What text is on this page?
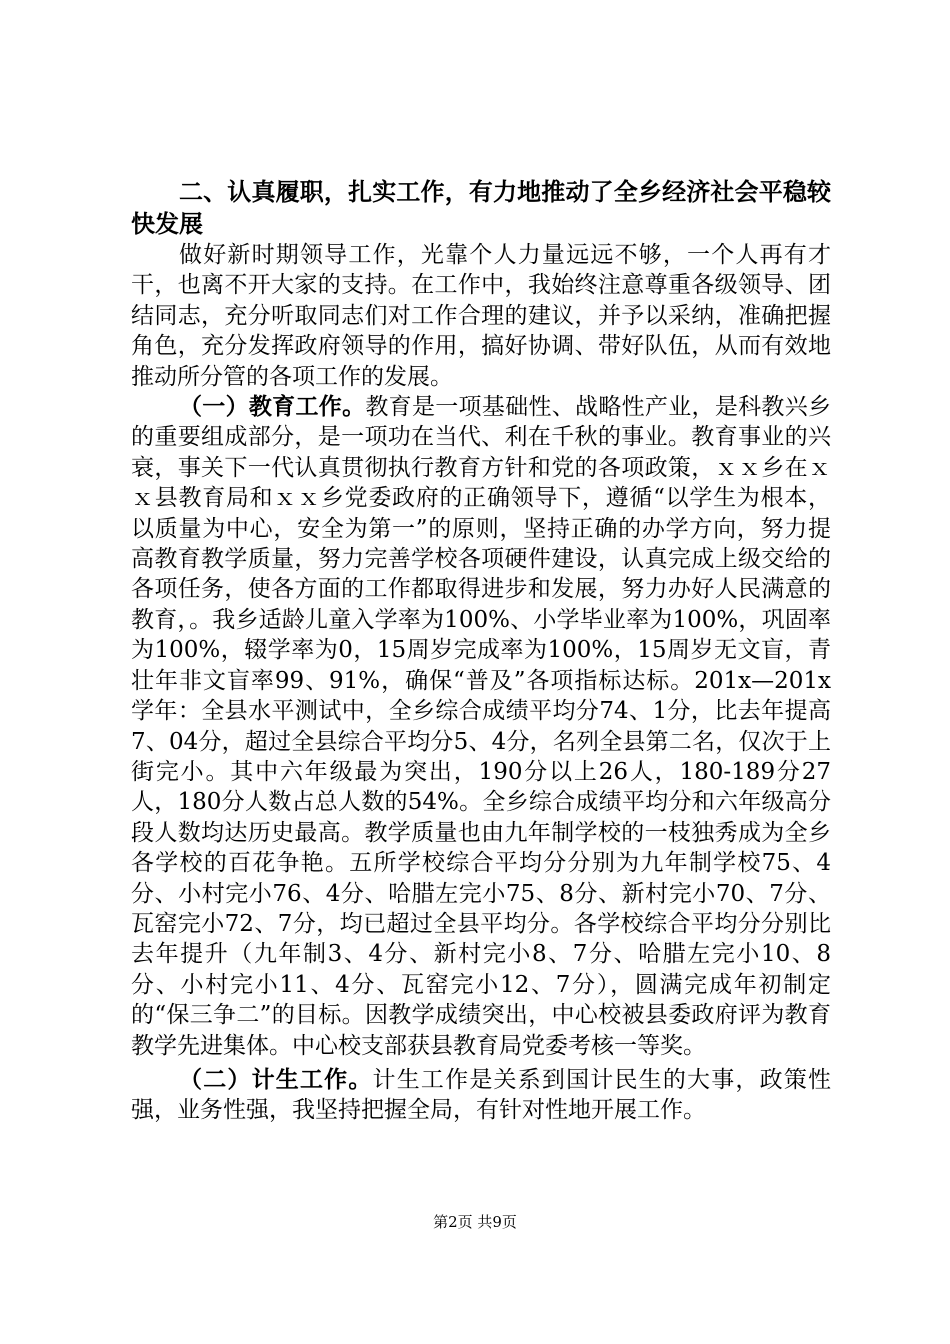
二、认真履职，扎实工作，有力地推动了全乡经济社会平稳较快发展

做好新时期领导工作，光靠个人力量远远不够，一个人再有才干，也离不开大家的支持。在工作中，我始终注意尊重各级领导、团结同志，充分听取同志们对工作合理的建议，并予以采纳，准确把握角色，充分发挥政府领导的作用，搞好协调、带好队伍，从而有效地推动所分管的各项工作的发展。

（一）教育工作。教育是一项基础性、战略性产业，是科教兴乡的重要组成部分，是一项功在当代、利在千秋的事业。教育事业的兴衰，事关下一代认真贯彻执行教育方针和党的各项政策，ｘｘ乡在ｘｘ县教育局和ｘｘ乡党委政府的正确领导下，遵循“以学生为根本，以质量为中心，安全为第一”的原则，坚持正确的办学方向，努力提高教育教学质量，努力完善学校各项硬件建设，认真完成上级交给的各项任务，使各方面的工作都取得进步和发展，努力办好人民满意的教育，。我乡适龄儿童入学率为100%、小学毕业率为100%，巩固率为100%，辍学率为0，15周岁完成率为100%，15周岁无文盲，青壮年非文盲率99、91%，确保“普及”各项指标达标。201x—201x学年：全县水平测试中，全乡综合成绩平均分74、1分，比去年提高7、04分，超过全县综合平均分5、4分，名列全县第二名，仅次于上街完小。其中六年级最为突出，190分以上26人，180-189分27人，180分人数占总人数的54%。全乡综合成绩平均分和六年级高分段人数均达历史最高。教学质量也由九年制学校的一枝独秀成为全乡各学校的百花争艳。五所学校综合平均分分别为九年制学校75、4分、小村完小76、4分、哈腊左完小75、8分、新村完小70、7分、瓦窑完小72、7分，均已超过全县平均分。各学校综合平均分分别比去年提升（九年制3、4分、新村完小8、7分、哈腊左完小10、8分、小村完小11、4分、瓦窑完小12、7分），圆满完成年初制定的“保三争二”的目标。因教学成绩突出，中心校被县委政府评为教育教学先进集体。中心校支部获县教育局党委考核一等奖。

（二）计生工作。计生工作是关系到国计民生的大事，政策性强，业务性强，我坚持把握全局，有针对性地开展工作。

第2页 共9页
